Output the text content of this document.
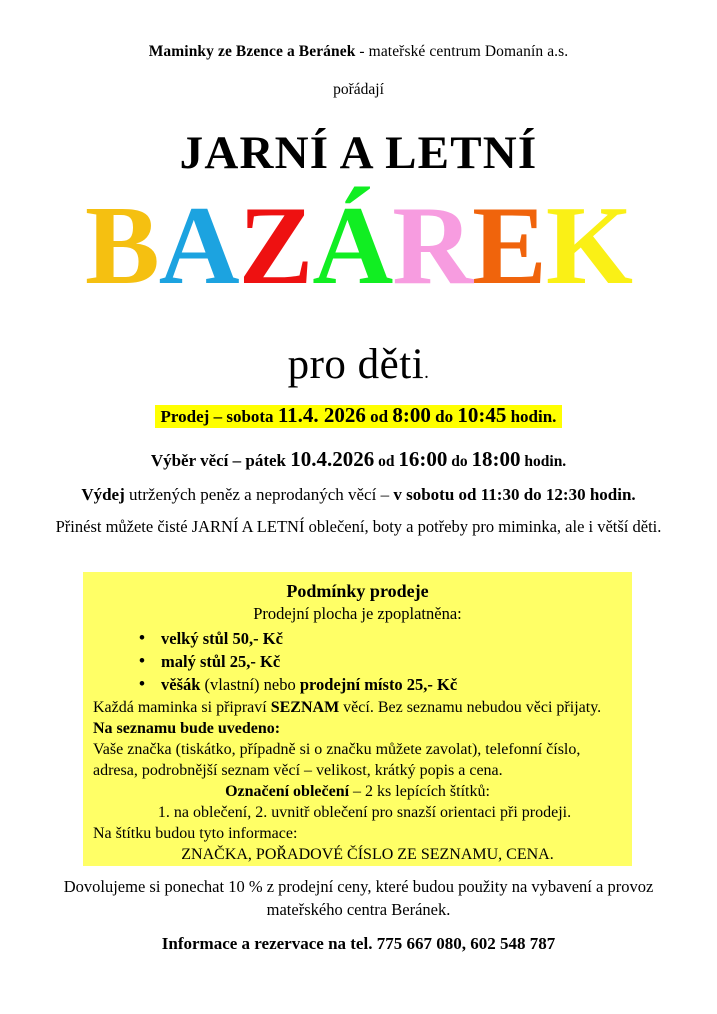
Maminky ze Bzence a Beránek - mateřské centrum Domanín a.s.
pořádají
JARNÍ A LETNÍ
BAZÁREK
pro děti.
Prodej – sobota 11.4. 2026 od 8:00 do 10:45 hodin.
Výběr věcí – pátek 10.4.2026 od 16:00 do 18:00 hodin.
Výdej utržených peněz a neprodaných věcí – v sobotu od 11:30 do 12:30 hodin.
Přinést můžete čisté JARNÍ A LETNÍ oblečení, boty a potřeby pro miminka, ale i větší děti.
Podmínky prodeje
Prodejní plocha je zpoplatněna:
• velký stůl 50,- Kč
• malý stůl 25,- Kč
• věšák (vlastní) nebo prodejní místo 25,- Kč

Každá maminka si připraví SEZNAM věcí. Bez seznamu nebudou věci přijaty.

Na seznamu bude uvedeno:

Vaše značka (tiskátko, případně si o značku můžete zavolat), telefonní číslo, adresa, podrobnější seznam věcí – velikost, krátký popis a cena.

Označení oblečení – 2 ks lepících štítků:

1. na oblečení, 2. uvnitř oblečení pro snazší orientaci při prodeji.

Na štítku budou tyto informace:

ZNAČKA, POŘADOVÉ ČÍSLO ZE SEZNAMU, CENA.

Dovolujeme si ponechat 10 % z prodejní ceny, které budou použity na vybavení a provoz mateřského centra Beránek.
Informace a rezervace na tel. 775 667 080, 602 548 787
